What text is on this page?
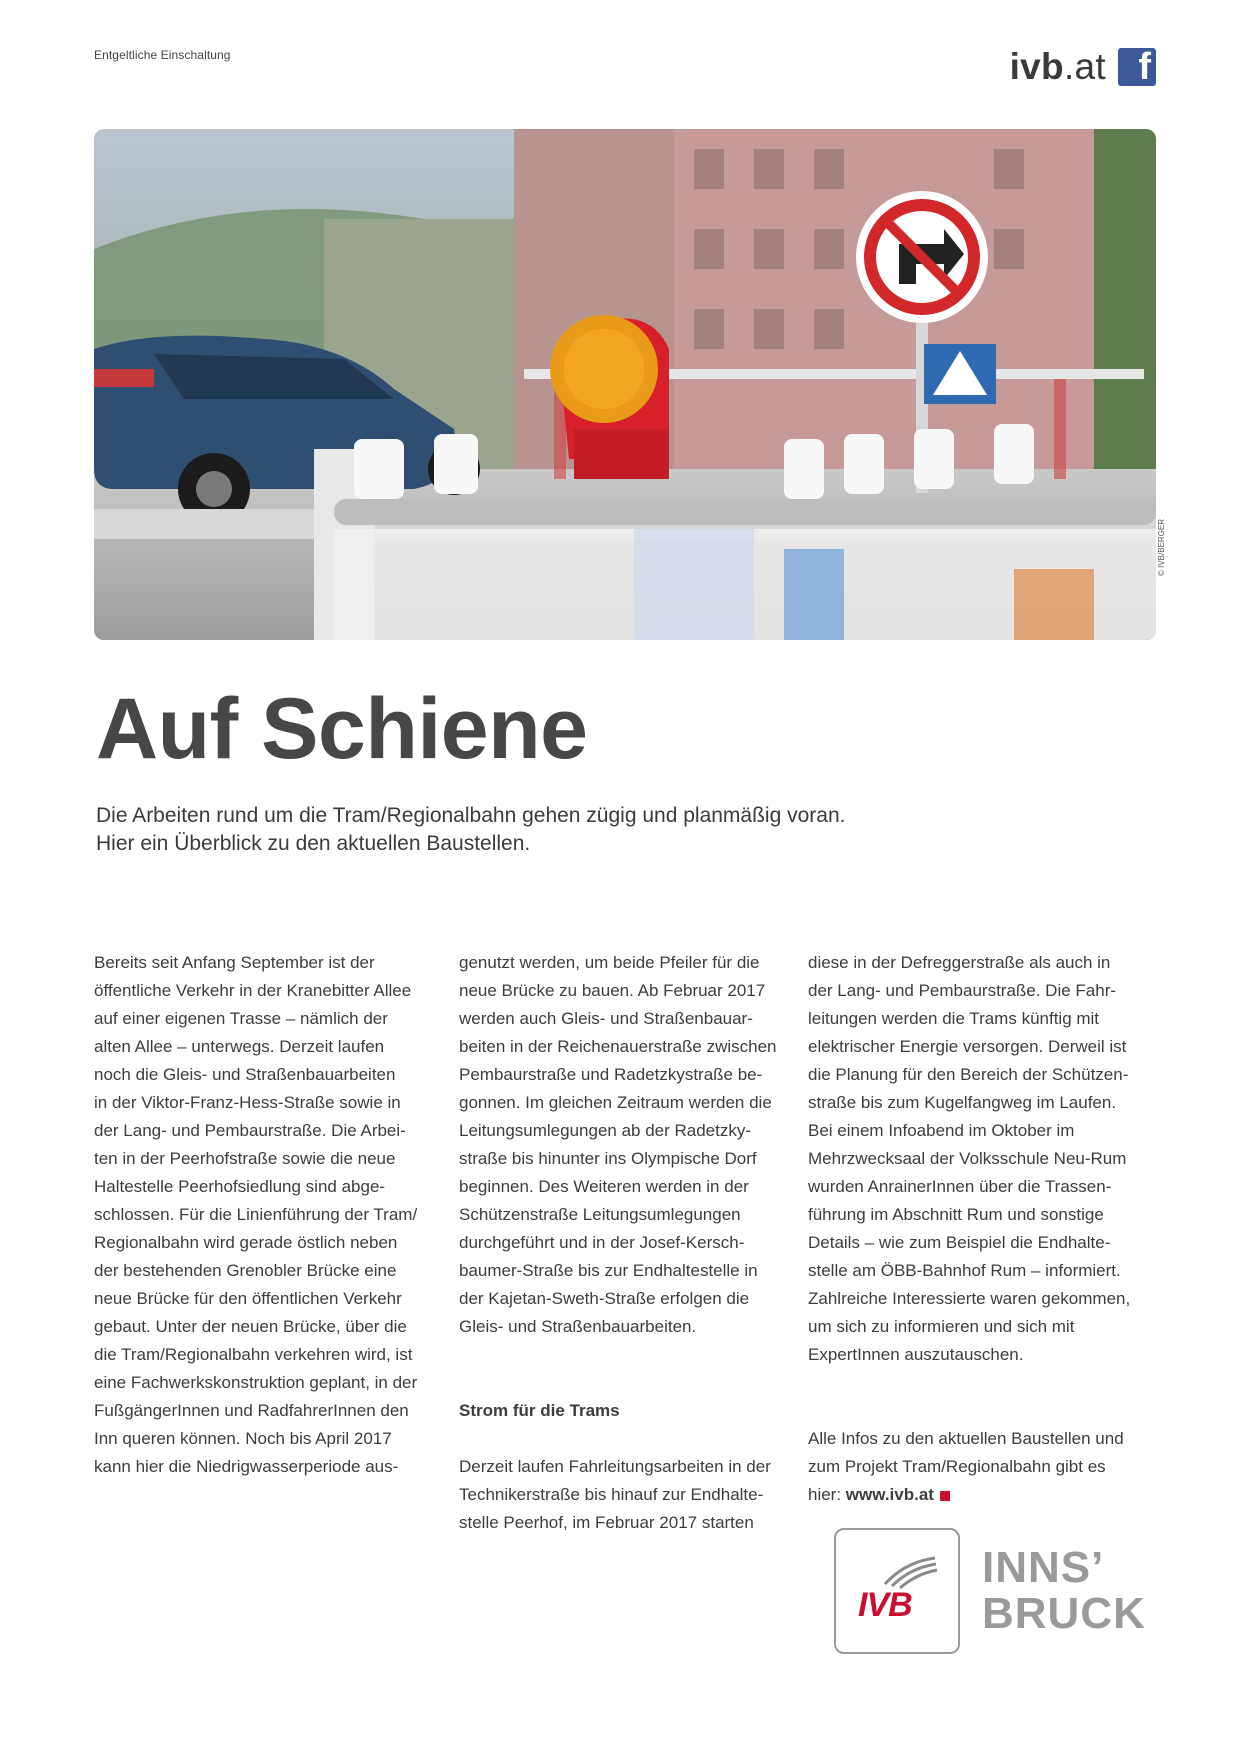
Entgeltliche Einschaltung	ivb.at f
© IVB/BERGER
Auf Schiene

Die Arbeiten rund um die Tram/Regionalbahn gehen zügig und planmäßig voran.

Hier ein Überblick zu den aktuellen Baustellen.

Bereits seit Anfang September ist der
öffentliche Verkehr in der Kranebitter Allee
auf einer eigenen Trasse – nämlich der
alten Allee – unterwegs. Derzeit laufen
noch die Gleis- und Straßenbauarbeiten
in der Viktor-Franz-Hess-Straße sowie in
der Lang- und Pembaurstraße. Die Arbei-
ten in der Peerhofstraße sowie die neue
Haltestelle Peerhofsiedlung sind abge-
schlossen. Für die Linienführung der Tram/
Regionalbahn wird gerade östlich neben
der bestehenden Grenobler Brücke eine
neue Brücke für den öffentlichen Verkehr
gebaut. Unter der neuen Brücke, über die
die Tram/Regionalbahn verkehren wird, ist
eine Fachwerkskonstruktion geplant, in der
FußgängerInnen und RadfahrerInnen den
Inn queren können. Noch bis April 2017
kann hier die Niedrigwasserperiode aus-

genutzt werden, um beide Pfeiler für die
neue Brücke zu bauen. Ab Februar 2017
werden auch Gleis- und Straßenbauar-
beiten in der Reichenauerstraße zwischen
Pembaurstraße und Radetzkystraße be-
gonnen. Im gleichen Zeitraum werden die
Leitungsumlegungen ab der Radetzky-
straße bis hinunter ins Olympische Dorf
beginnen. Des Weiteren werden in der
Schützenstraße Leitungsumlegungen
durchgeführt und in der Josef-Kersch-
baumer-Straße bis zur Endhaltestelle in
der Kajetan-Sweth-Straße erfolgen die
Gleis- und Straßenbauarbeiten.

Strom für die Trams

Derzeit laufen Fahrleitungsarbeiten in der
Technikerstraße bis hinauf zur Endhalte-
stelle Peerhof, im Februar 2017 starten

diese in der Defreggerstraße als auch in
der Lang- und Pembaurstraße. Die Fahr-
leitungen werden die Trams künftig mit
elektrischer Energie versorgen. Derweil ist
die Planung für den Bereich der Schützen-
straße bis zum Kugelfangweg im Laufen.
Bei einem Infoabend im Oktober im
Mehrzwecksaal der Volksschule Neu-Rum
wurden AnrainerInnen über die Trassen-
führung im Abschnitt Rum und sonstige
Details – wie zum Beispiel die Endhalte-
stelle am ÖBB-Bahnhof Rum – informiert.
Zahlreiche Interessierte waren gekommen,
um sich zu informieren und sich mit
ExpertInnen auszutauschen.

Alle Infos zu den aktuellen Baustellen und
zum Projekt Tram/Regionalbahn gibt es
hier: www.ivb.at

IVB
INNS’
BRUCK
